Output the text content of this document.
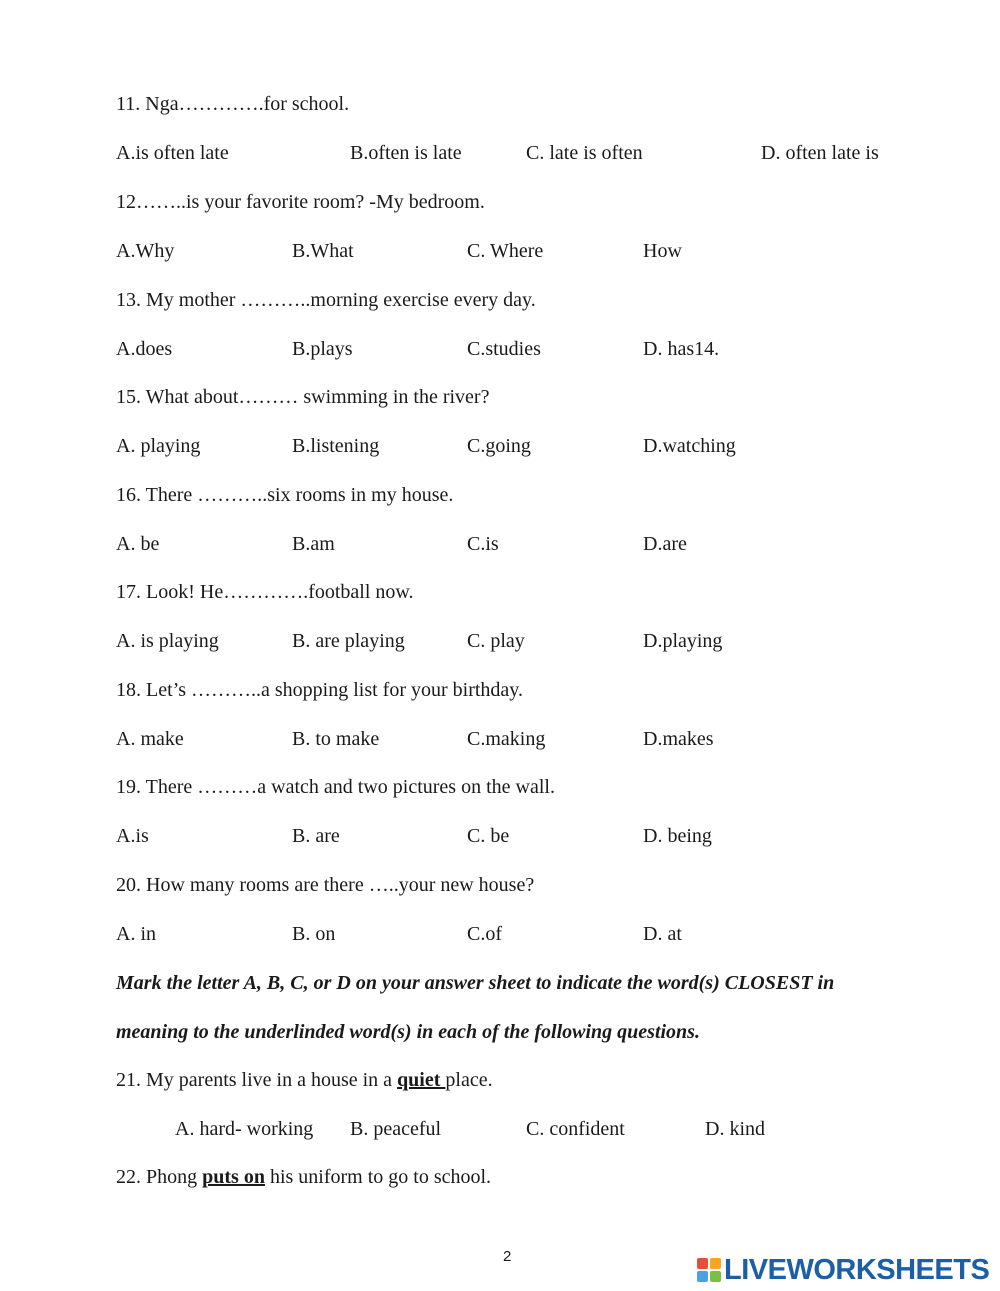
11. Nga………….for school.
A.is often late	B.often is late	C. late is often	D. often late is
12……..is your favorite room? -My bedroom.
A.Why	B.What	C. Where	How
13. My mother ………..morning exercise every day.
A.does	B.plays	C.studies	D. has14.
15. What about……… swimming in the river?
A. playing	B.listening	C.going	D.watching
16. There ………..six rooms in my house.
A. be	B.am	C.is	D.are
17. Look! He………….football now.
A. is playing	B. are playing	C. play	D.playing
18. Let’s ………..a shopping list for your birthday.
A. make	B. to make	C.making	D.makes
19. There ………a watch and two pictures on the wall.
A.is	B. are	C. be	D. being
20. How many rooms are there …..your new house?
A. in	B. on	C.of	D. at
Mark the letter A, B, C, or D on your answer sheet to indicate the word(s) CLOSEST in
meaning to the underlinded word(s) in each of the following questions.
21. My parents live in a house in a quiet place.
A. hard- working B. peaceful	C. confident	D. kind
22. Phong puts on his uniform to go to school.
2	LIVEWORKSHEETS
